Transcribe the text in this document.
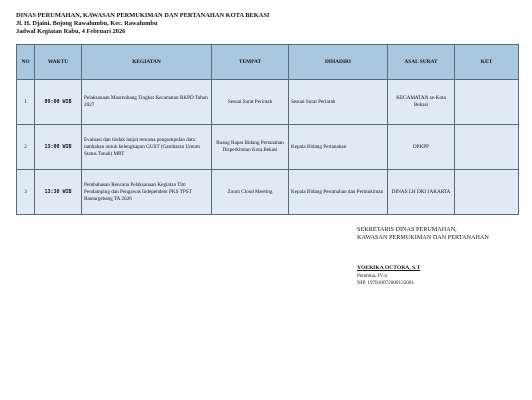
DINAS PERUMAHAN, KAWASAN PERMUKIMAN DAN PERTANAHAN KOTA BEKASI
Jl. H. Djaini, Bojong Rawalumbu, Kec. Rawalumbu
Jadwal Kegiatan Rabu, 4 Februari 2026
NO	WAKTU	KEGIATAN	TEMPAT	DIHADIRI	ASAL SURAT	KET
1	09:00 WIB	Pelaksanaan Musrenbang Tingkat Kecamatan RKPD Tahun 2027	Sesuai Surat Perintah	Sesuai Surat Perintah	KECAMATAN se-Kota Bekasi	
2	13:00 WIB	Evaluasi dan tindak lanjut rencana pengumpulan data tambahan untuk kelengkapan GUST (Gambaran Umum Status Tanah) MRT	Ruang Rapat Bidang Pertanahan Disperkimtan Kota Bekasi	Kepala Bidang Pertanahan	DPKPP	
3	13:30 WIB	Pembahasan Rencana Pelaksanaan Kegiatan Tim Pendamping dan Pengawas Independent PKS TPST Bantargebang TA 2026	Zoom Cloud Meeting	Kepala Bidang Perumahan dan Permukiman	DINAS LH DKI JAKARTA	
SEKRETARIS DINAS PERUMAHAN,
KAWASAN PERMUKIMAN DAN PERTANAHAN
YOERIKA OCTORA, S.T
Pembina, IV/a
NIP. 197810072000122001
